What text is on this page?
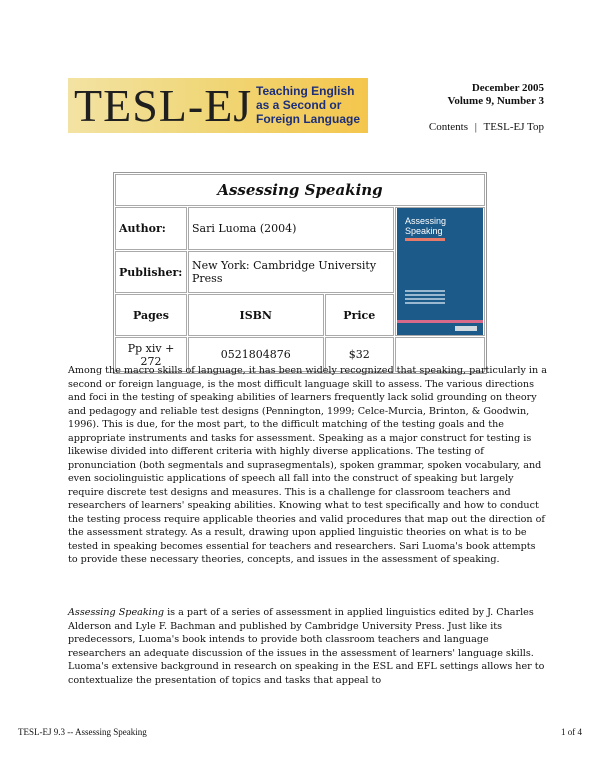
TESL-EJ Teaching English as a Second or Foreign Language
December 2005
Volume 9, Number 3
Contents | TESL-EJ Top
Assessing Speaking			
Author:	Sari Luoma (2004)		Assessing Speaking

Publisher:	New York: Cambridge University Press		
Pages	ISBN	Price	
Pp xiv + 272	0521804876	$32	

Among the macro skills of language, it has been widely recognized that speaking, particularly in a second or foreign language, is the most difficult language skill to assess. The various directions and foci in the testing of speaking abilities of learners frequently lack solid grounding on theory and pedagogy and reliable test designs (Pennington, 1999; Celce-Murcia, Brinton, & Goodwin, 1996). This is due, for the most part, to the difficult matching of the testing goals and the appropriate instruments and tasks for assessment. Speaking as a major construct for testing is likewise divided into different criteria with highly diverse applications. The testing of pronunciation (both segmentals and suprasegmentals), spoken grammar, spoken vocabulary, and even sociolinguistic applications of speech all fall into the construct of speaking but largely require discrete test designs and measures. This is a challenge for classroom teachers and researchers of learners' speaking abilities. Knowing what to test specifically and how to conduct the testing process require applicable theories and valid procedures that map out the direction of the assessment strategy. As a result, drawing upon applied linguistic theories on what is to be tested in speaking becomes essential for teachers and researchers. Sari Luoma's book attempts to provide these necessary theories, concepts, and issues in the assessment of speaking.

Assessing Speaking is a part of a series of assessment in applied linguistics edited by J. Charles Alderson and Lyle F. Bachman and published by Cambridge University Press. Just like its predecessors, Luoma's book intends to provide both classroom teachers and language researchers an adequate discussion of the issues in the assessment of learners' language skills. Luoma's extensive background in research on speaking in the ESL and EFL settings allows her to contextualize the presentation of topics and tasks that appeal to

TESL-EJ 9.3 -- Assessing Speaking	1 of 4
